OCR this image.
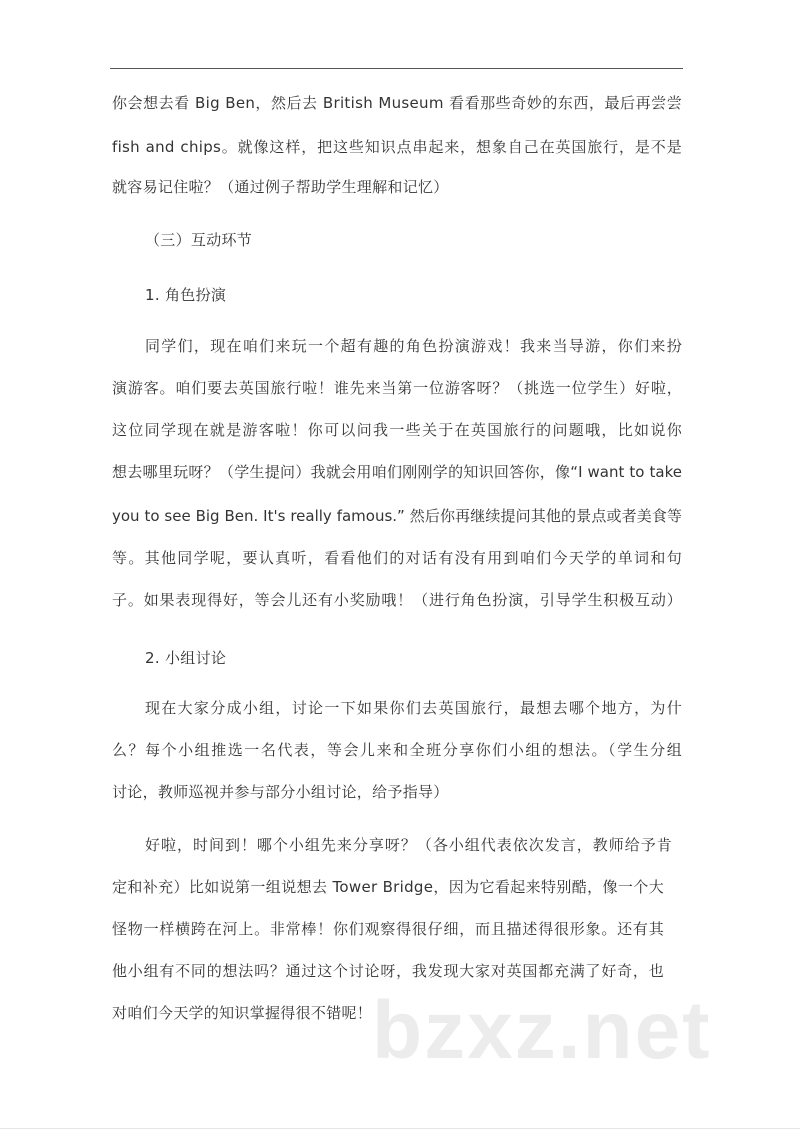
你会想去看 Big Ben，然后去 British Museum 看看那些奇妙的东西，最后再尝尝
fish and chips。就像这样，把这些知识点串起来，想象自己在英国旅行，是不是
就容易记住啦？（通过例子帮助学生理解和记忆）
（三）互动环节
1. 角色扮演
同学们，现在咱们来玩一个超有趣的角色扮演游戏！我来当导游，你们来扮
演游客。咱们要去英国旅行啦！谁先来当第一位游客呀？（挑选一位学生）好啦，
这位同学现在就是游客啦！你可以问我一些关于在英国旅行的问题哦，比如说你
想去哪里玩呀？（学生提问）我就会用咱们刚刚学的知识回答你，像“I want to take
you to see Big Ben. It's really famous.” 然后你再继续提问其他的景点或者美食等
等。其他同学呢，要认真听，看看他们的对话有没有用到咱们今天学的单词和句
子。如果表现得好，等会儿还有小奖励哦！（进行角色扮演，引导学生积极互动）
2. 小组讨论
现在大家分成小组，讨论一下如果你们去英国旅行，最想去哪个地方，为什
么？每个小组推选一名代表，等会儿来和全班分享你们小组的想法。（学生分组
讨论，教师巡视并参与部分小组讨论，给予指导）
好啦，时间到！哪个小组先来分享呀？（各小组代表依次发言，教师给予肯
定和补充）比如说第一组说想去 Tower Bridge，因为它看起来特别酷，像一个大
怪物一样横跨在河上。非常棒！你们观察得很仔细，而且描述得很形象。还有其
他小组有不同的想法吗？通过这个讨论呀，我发现大家对英国都充满了好奇，也
对咱们今天学的知识掌握得很不错呢！ bzxz.net
